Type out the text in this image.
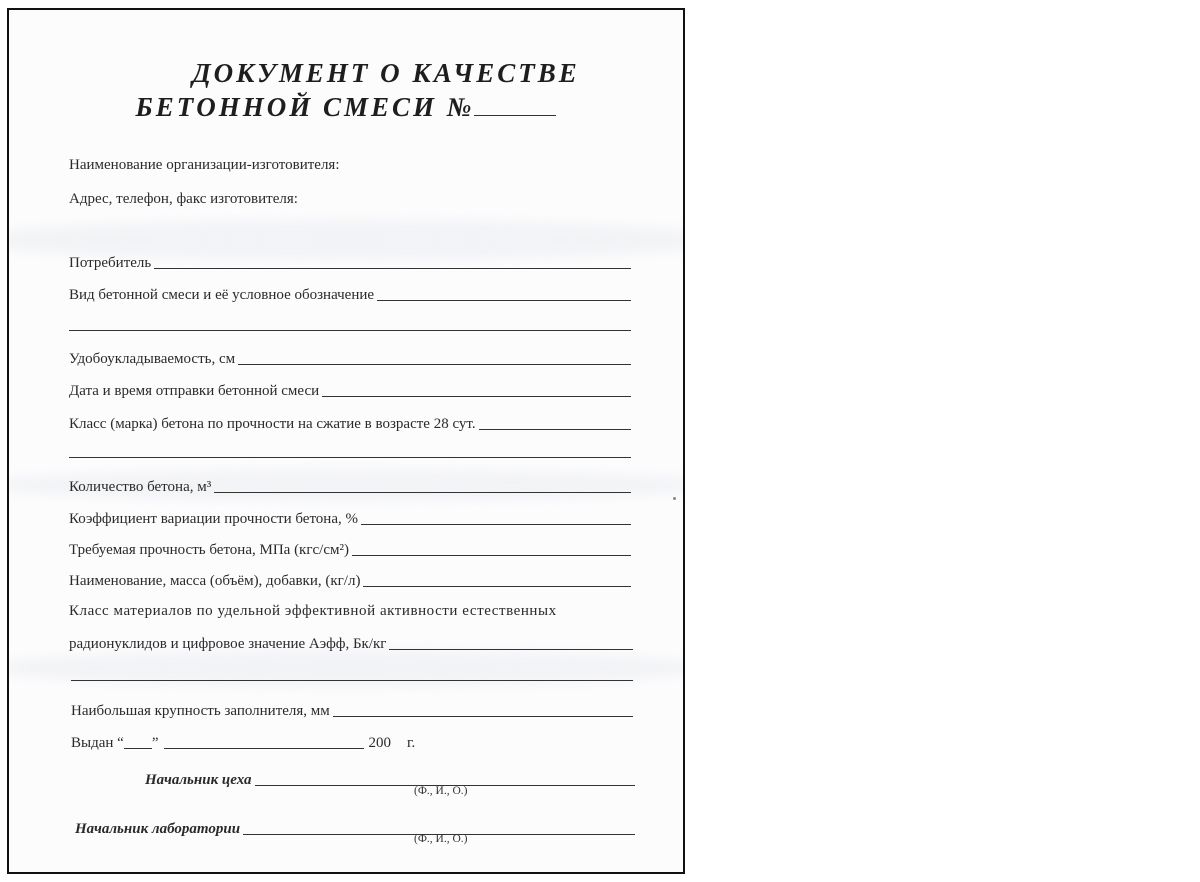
ДОКУМЕНТ О КАЧЕСТВЕ
БЕТОННОЙ СМЕСИ №
Наименование организации-изготовителя:
Адрес, телефон, факс изготовителя:
Потребитель
Вид бетонной смеси и её условное обозначение
Удобоукладываемость, см
Дата и время отправки бетонной смеси
Класс (марка) бетона по прочности на сжатие в возрасте 28 сут.
Количество бетона, м³
Коэффициент вариации прочности бетона, %
Требуемая прочность бетона, МПа (кгс/см²)
Наименование, масса (объём), добавки, (кг/л)
Класс материалов по удельной эффективной активности естественных
радионуклидов и цифровое значение Аэфф, Бк/кг
Наибольшая крупность заполнителя, мм
Выдан “ ”	200 г.
Начальник цеха
(Ф., И., О.)
Начальник лаборатории
(Ф., И., О.)
